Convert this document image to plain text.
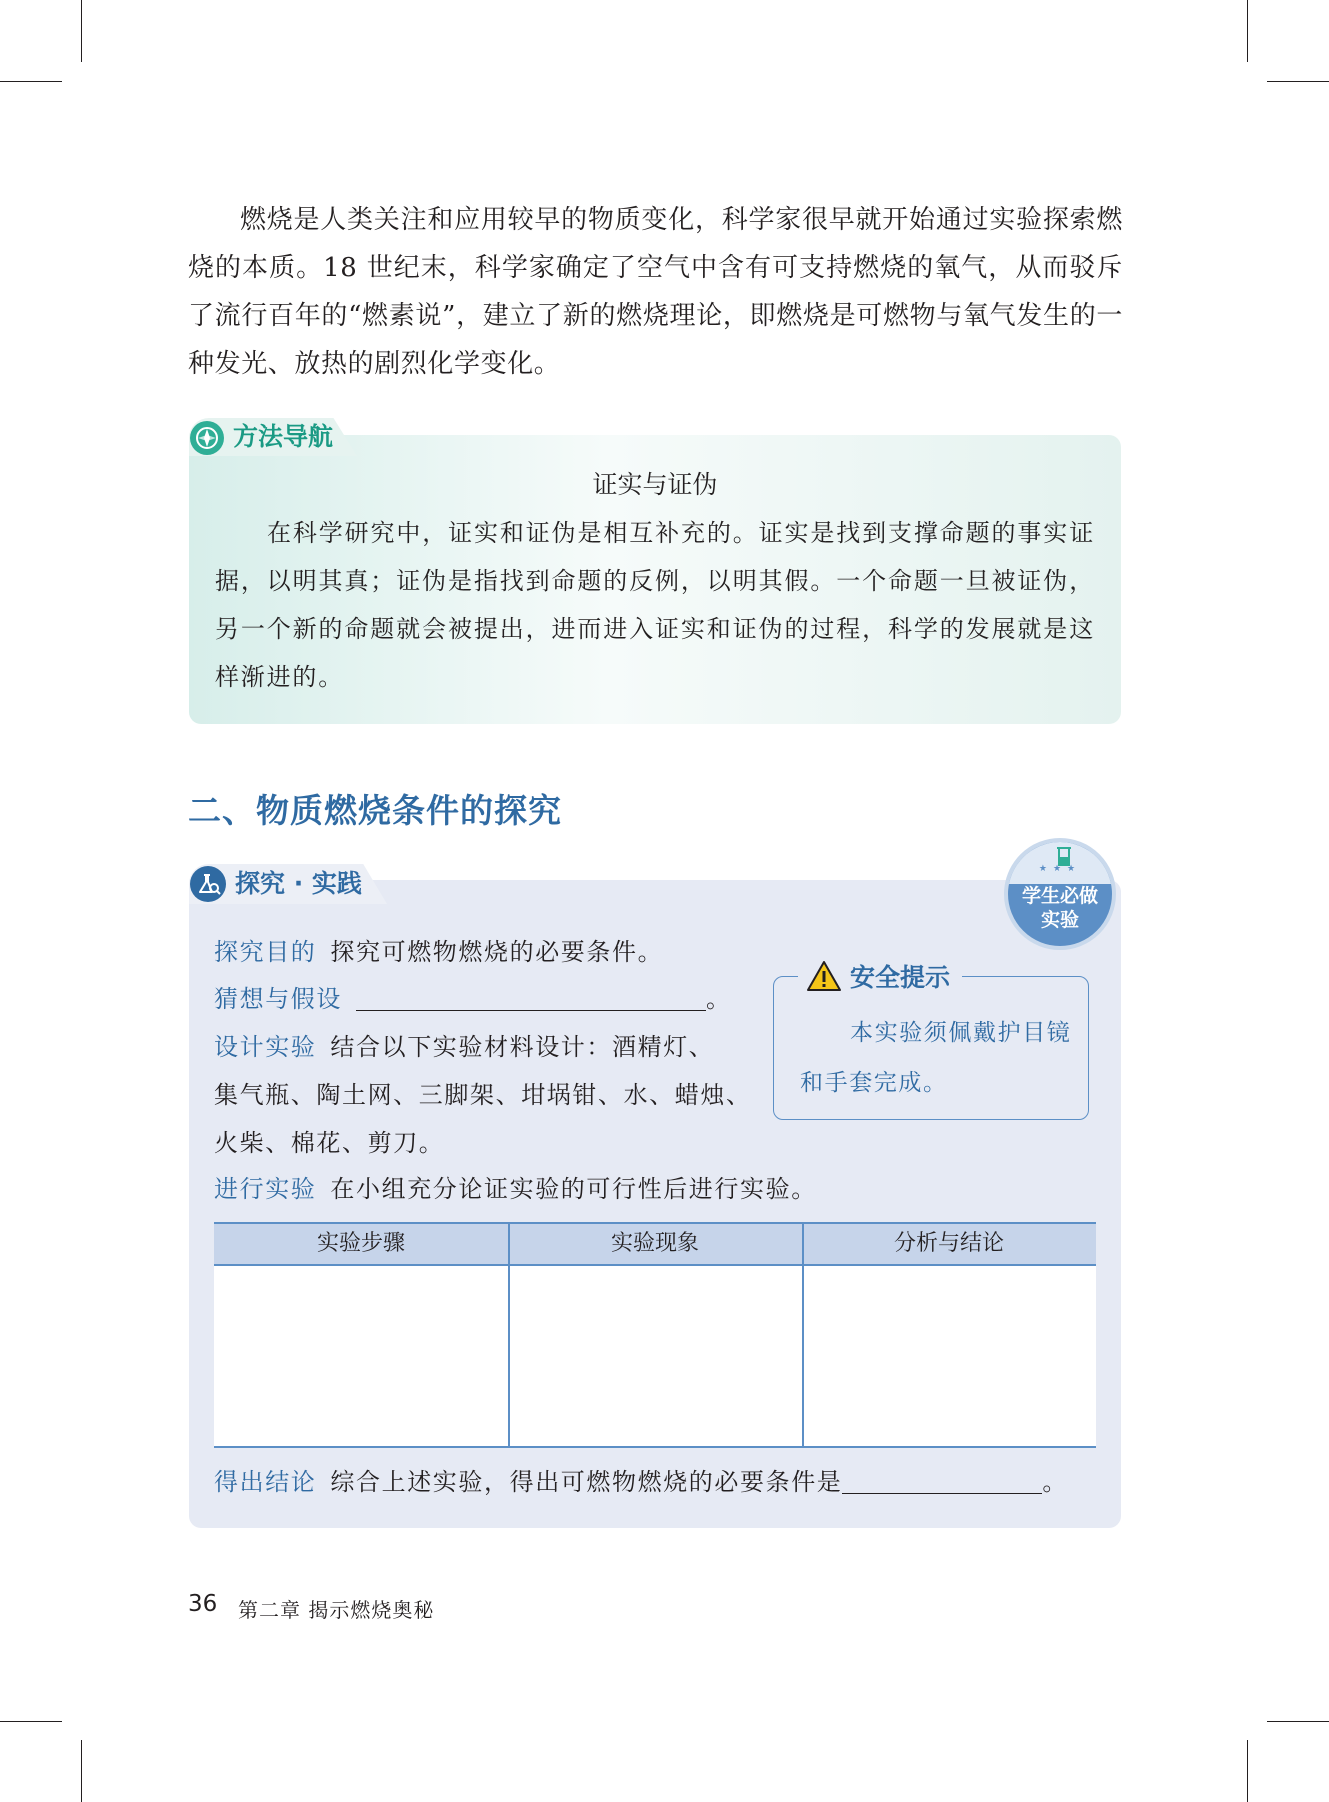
燃烧是人类关注和应用较早的物质变化，科学家很早就开始通过实验探索燃烧的本质。18 世纪末，科学家确定了空气中含有可支持燃烧的氧气，从而驳斥了流行百年的“燃素说”，建立了新的燃烧理论，即燃烧是可燃物与氧气发生的一种发光、放热的剧烈化学变化。

方法导航
证实与证伪

在科学研究中，证实和证伪是相互补充的。证实是找到支撑命题的事实证据，以明其真；证伪是指找到命题的反例，以明其假。一个命题一旦被证伪，另一个新的命题就会被提出，进而进入证实和证伪的过程，科学的发展就是这样渐进的。

二、物质燃烧条件的探究
探究 · 实践	★★★
学生必做
实验
探究目的 探究可燃物燃烧的必要条件。
猜想与假设	。
设计实验 结合以下实验材料设计：酒精灯、
集气瓶、陶土网、三脚架、坩埚钳、水、蜡烛、
火柴、棉花、剪刀。
进行实验 在小组充分论证实验的可行性后进行实验。
安全提示

本实验须佩戴护目镜和手套完成。

实验步骤	实验现象	分析与结论
得出结论 综合上述实验，得出可燃物燃烧的必要条件是	。
36 第二章 揭示燃烧奥秘
